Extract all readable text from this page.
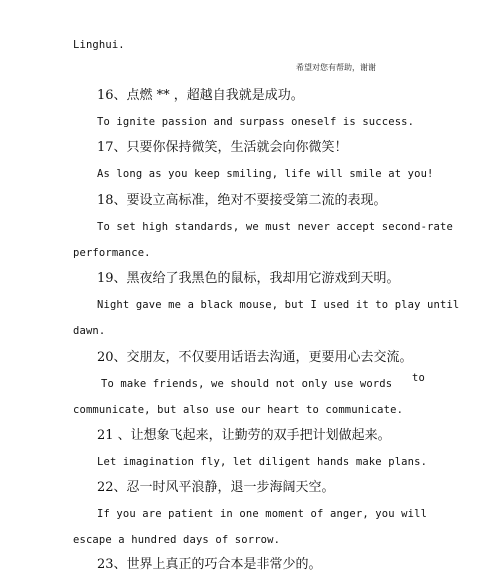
Linghui.
希望对您有帮助，谢谢
16、点燃 ** ，超越自我就是成功。
To ignite passion and surpass oneself is success.
17、只要你保持微笑，生活就会向你微笑！
As long as you keep smiling, life will smile at you!
18、要设立高标准，绝对不要接受第二流的表现。
To set high standards, we must never accept second-rate
performance.
19、黑夜给了我黑色的鼠标，我却用它游戏到天明。
Night gave me a black mouse, but I used it to play until
dawn.
20、交朋友，不仅要用话语去沟通，更要用心去交流。
To make friends, we should not only use words to
communicate, but also use our heart to communicate.
21 、让想象飞起来，让勤劳的双手把计划做起来。
Let imagination fly, let diligent hands make plans.
22、忍一时风平浪静，退一步海阔天空。
If you are patient in one moment of anger, you will
escape a hundred days of sorrow.
23、世界上真正的巧合本是非常少的。
